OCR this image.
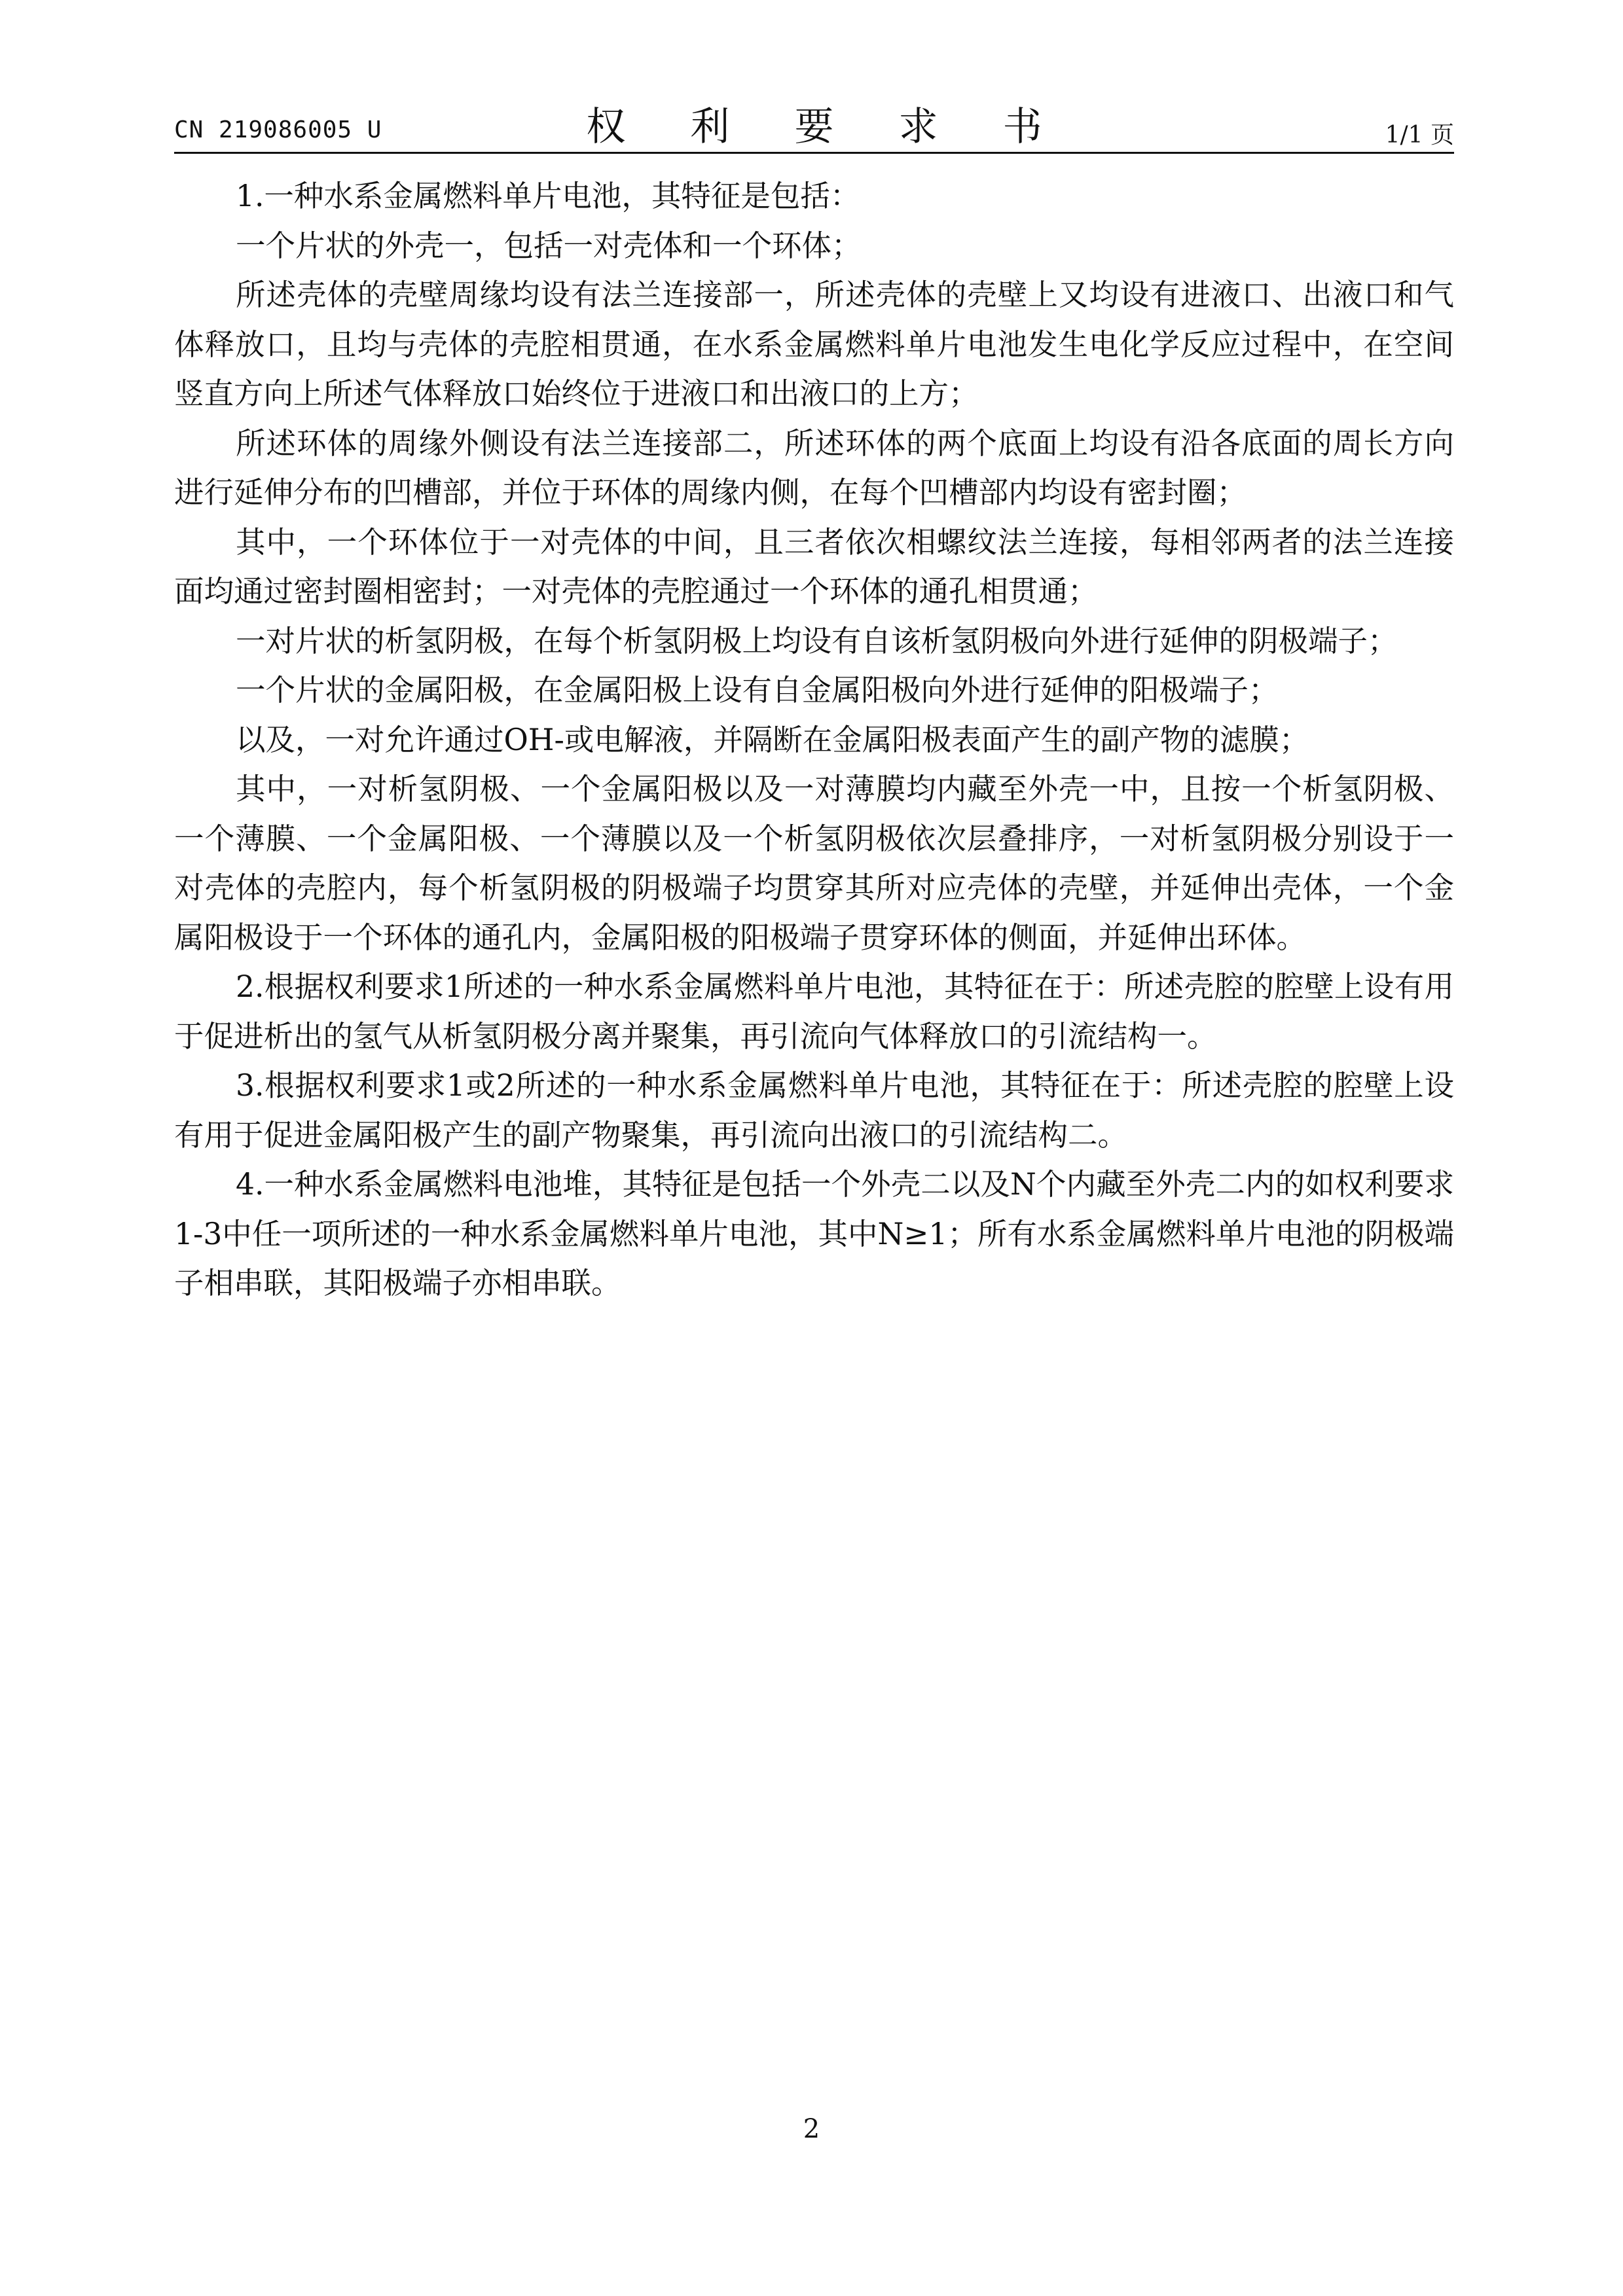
CN 219086005 U	权 利 要 求 书	1/1 页

1.一种水系金属燃料单片电池，其特征是包括：

一个片状的外壳一，包括一对壳体和一个环体；

所述壳体的壳壁周缘均设有法兰连接部一，所述壳体的壳壁上又均设有进液口、出液口和气体释放口，且均与壳体的壳腔相贯通，在水系金属燃料单片电池发生电化学反应过程中，在空间竖直方向上所述气体释放口始终位于进液口和出液口的上方；

所述环体的周缘外侧设有法兰连接部二，所述环体的两个底面上均设有沿各底面的周长方向进行延伸分布的凹槽部，并位于环体的周缘内侧，在每个凹槽部内均设有密封圈；

其中，一个环体位于一对壳体的中间，且三者依次相螺纹法兰连接，每相邻两者的法兰连接面均通过密封圈相密封；一对壳体的壳腔通过一个环体的通孔相贯通；

一对片状的析氢阴极，在每个析氢阴极上均设有自该析氢阴极向外进行延伸的阴极端子；

一个片状的金属阳极，在金属阳极上设有自金属阳极向外进行延伸的阳极端子；

以及，一对允许通过OH-或电解液，并隔断在金属阳极表面产生的副产物的滤膜；

其中，一对析氢阴极、一个金属阳极以及一对薄膜均内藏至外壳一中，且按一个析氢阴极、一个薄膜、一个金属阳极、一个薄膜以及一个析氢阴极依次层叠排序，一对析氢阴极分别设于一对壳体的壳腔内，每个析氢阴极的阴极端子均贯穿其所对应壳体的壳壁，并延伸出壳体，一个金属阳极设于一个环体的通孔内，金属阳极的阳极端子贯穿环体的侧面，并延伸出环体。

2.根据权利要求1所述的一种水系金属燃料单片电池，其特征在于：所述壳腔的腔壁上设有用于促进析出的氢气从析氢阴极分离并聚集，再引流向气体释放口的引流结构一。

3.根据权利要求1或2所述的一种水系金属燃料单片电池，其特征在于：所述壳腔的腔壁上设有用于促进金属阳极产生的副产物聚集，再引流向出液口的引流结构二。

4.一种水系金属燃料电池堆，其特征是包括一个外壳二以及N个内藏至外壳二内的如权利要求1-3中任一项所述的一种水系金属燃料单片电池，其中N≥1；所有水系金属燃料单片电池的阴极端子相串联，其阳极端子亦相串联。

2
